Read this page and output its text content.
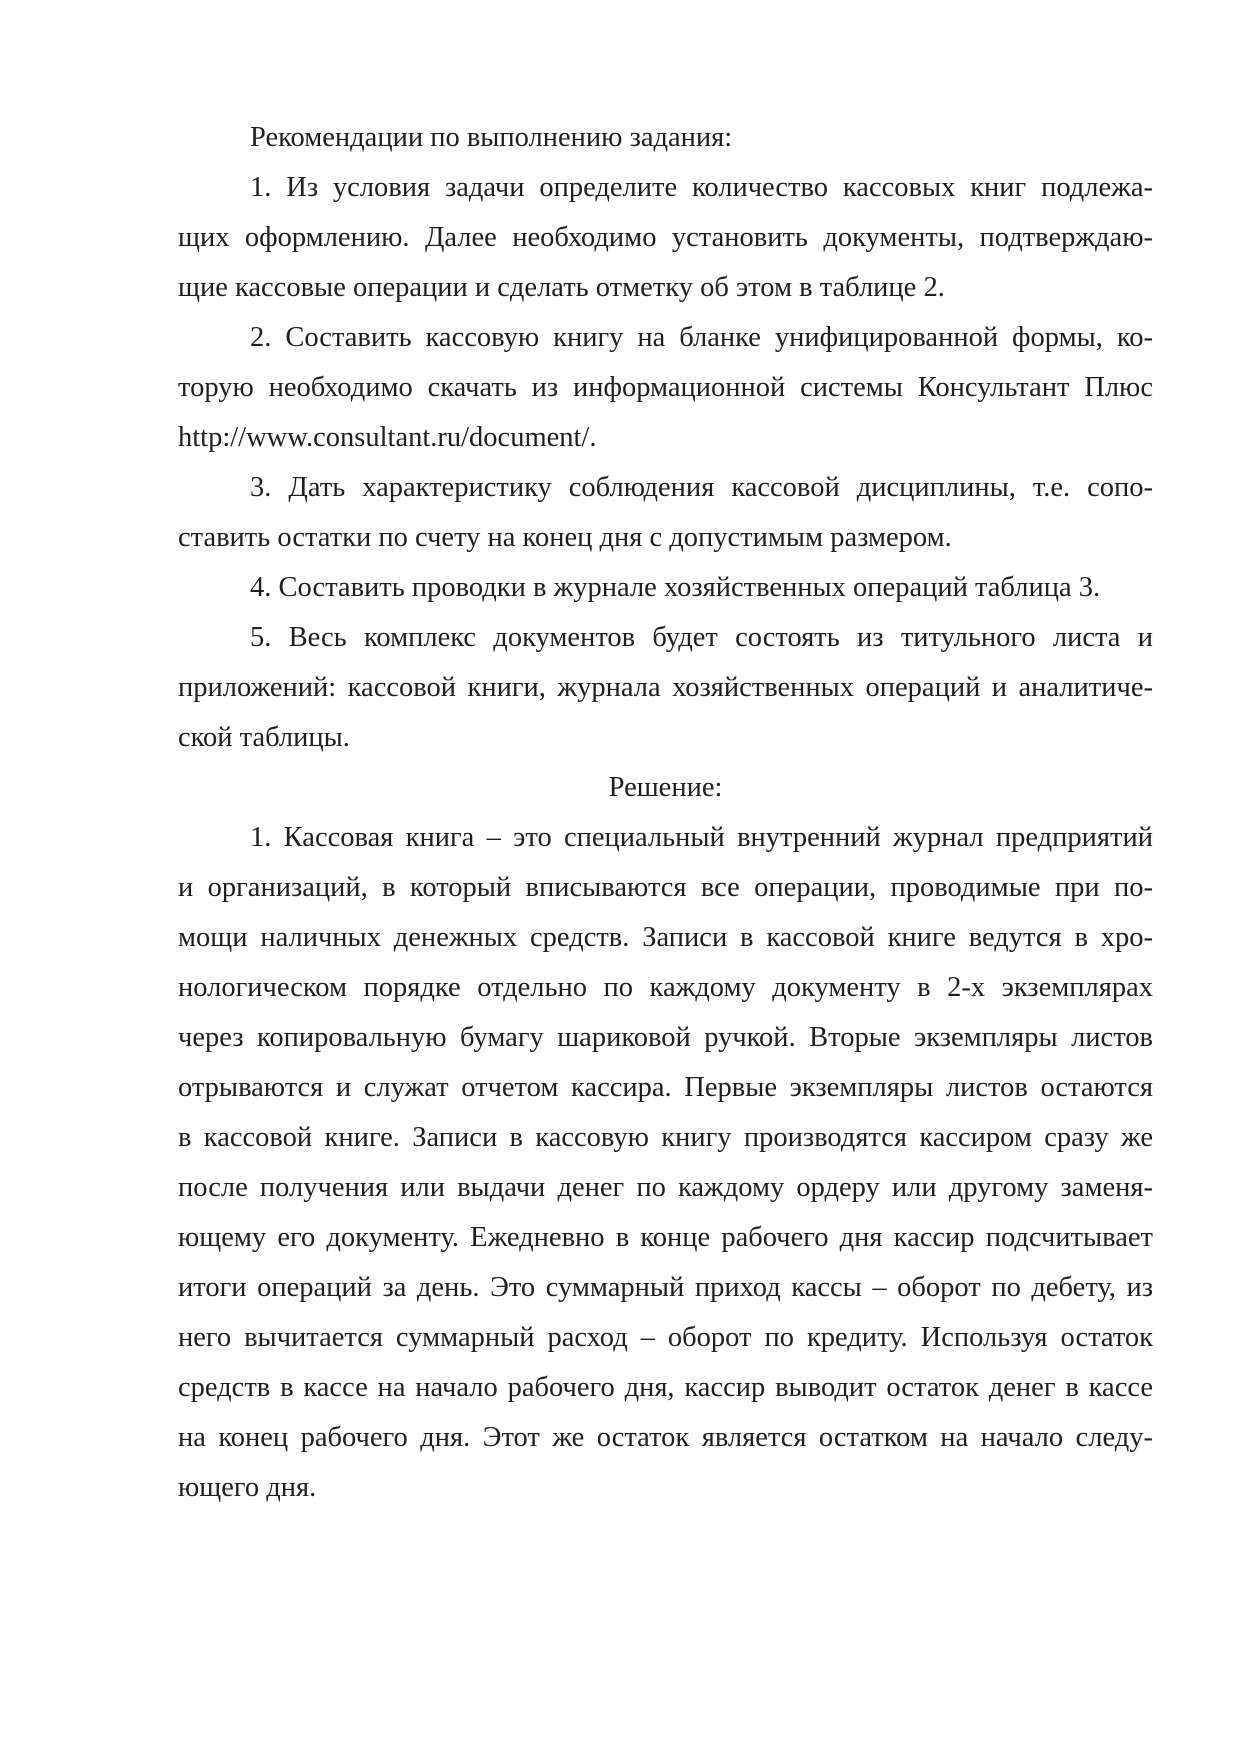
Рекомендации по выполнению задания:

1. Из условия задачи определите количество кассовых книг подлежа-
щих оформлению. Далее необходимо установить документы, подтверждаю-
щие кассовые операции и сделать отметку об этом в таблице 2.
2. Составить кассовую книгу на бланке унифицированной формы, ко-
торую необходимо скачать из информационной системы Консультант Плюс
http://www.consultant.ru/document/.
3. Дать характеристику соблюдения кассовой дисциплины, т.е. сопо-
ставить остатки по счету на конец дня с допустимым размером.
4. Составить проводки в журнале хозяйственных операций таблица 3.
5. Весь комплекс документов будет состоять из титульного листа и
приложений: кассовой книги, журнала хозяйственных операций и аналитиче-
ской таблицы.

Решение:

1. Кассовая книга – это специальный внутренний журнал предприятий
и организаций, в который вписываются все операции, проводимые при по-
мощи наличных денежных средств. Записи в кассовой книге ведутся в хро-
нологическом порядке отдельно по каждому документу в 2-х экземплярах
через копировальную бумагу шариковой ручкой. Вторые экземпляры листов
отрываются и служат отчетом кассира. Первые экземпляры листов остаются
в кассовой книге. Записи в кассовую книгу производятся кассиром сразу же
после получения или выдачи денег по каждому ордеру или другому заменя-
ющему его документу. Ежедневно в конце рабочего дня кассир подсчитывает
итоги операций за день. Это суммарный приход кассы – оборот по дебету, из
него вычитается суммарный расход – оборот по кредиту. Используя остаток
средств в кассе на начало рабочего дня, кассир выводит остаток денег в кассе
на конец рабочего дня. Этот же остаток является остатком на начало следу-
ющего дня.
